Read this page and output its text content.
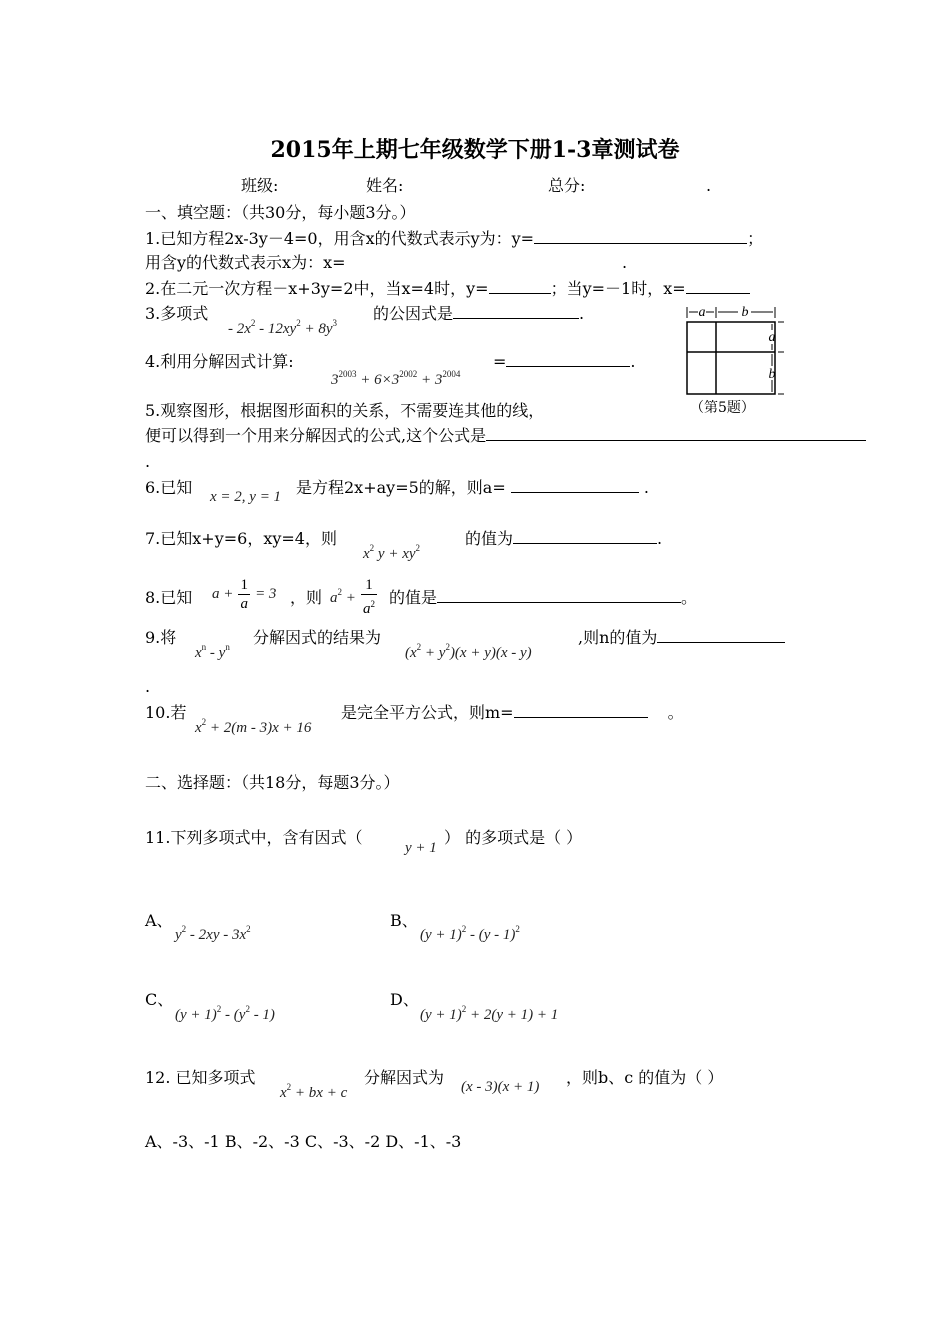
2015年上期七年级数学下册1-3章测试卷
班级:	姓名:	总分:	.
一、填空题：（共30分，每小题3分。）
1.已知方程2x-3y－4=0，用含x的代数式表示y为：y=	；
用含y的代数式表示x为：x=	.
2.在二元一次方程－x+3y=2中，当x=4时，y=	；当y=－1时，x=
3.多项式
- $2x^2 - 12xy^2 + 8y^3$ 的公因式是	.
4.利用分解因式计算:
$3^{2003} + 6\times 3^{2002} + 3^{2004}$
=	.
a	b
a
b
（第5题）
5.观察图形，根据图形面积的关系，不需要连其他的线，
便可以得到一个用来分解因式的公式,这个公式是
.
6.已知 x = 2, y = 1 是方程2x+ay=5的解，则a=	.
7.已知x+y=6，xy=4，则
$x^2$ $y + xy^2$	的值为	.
8.已知 $a + \frac{1}{a} = 3$ ，则 $a^2 + \frac{1}{a^2}$ 的值是	。
9.将
$x^n - y^n$ 分解因式的结果为
$(x^2 + y^2)(x + y)(x - y)$
,则n的值为
.
10.若
$x^2 + 2(m - 3)x + 16$
是完全平方公式，则m=	。
二、选择题：（共18分，每题3分。）
11.下列多项式中，含有因式（
y + 1
） 的多项式是（ ）
A、
$y^2 - 2xy - 3x^2$	B、
$(y + 1)^2 - (y - 1)^2$
C、
$(y + 1)^2 - (y^2 - 1)$
D、
$(y + 1)^2 + 2(y + 1) + 1$
12. 已知多项式
$x^2$ + bx + c
分解因式为 (x - 3)(x + 1) ，则b、c 的值为（ ）
A、-3、-1 B、-2、-3 C、-3、-2 D、-1、-3
